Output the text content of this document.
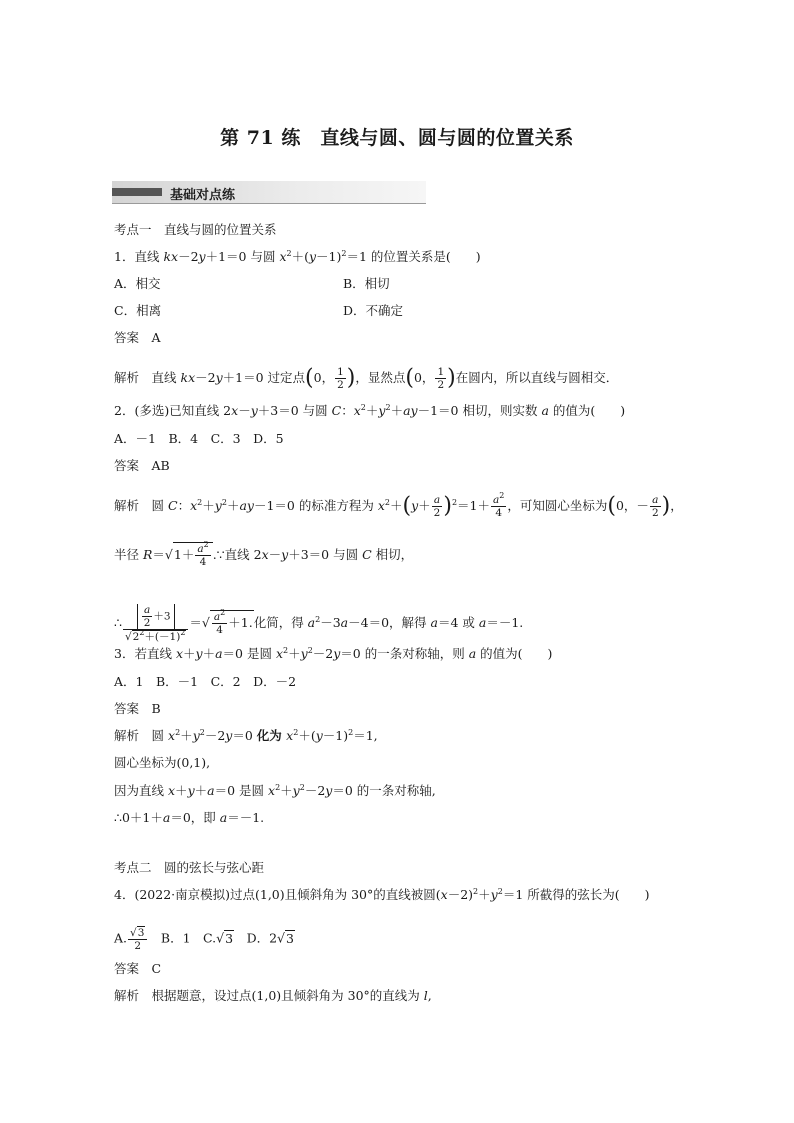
第 71 练　直线与圆、圆与圆的位置关系
基础对点练
考点一　直线与圆的位置关系
1．直线 kx－2y＋1＝0 与圆 $x^2+(y-1)^2=1$ 的位置关系是(　　)
A．相交	B．相切
C．相离	D．不确定
答案　 A
解析　 直线 kx－2y＋1＝0 过定点(0， $\frac{1}{2}$ )，显然点(0， $\frac{1}{2}$ )在圆内，所以直线与圆相交．
2．(多选)已知直线 2x－y＋3＝0 与圆 C：$x^2+y^2+ay-1=0$ 相切，则实数 a 的值为(　　)
A．－1　B．4　C．3　D．5
答案　 AB
解析　 圆 C：$x^2+y^2+ay-1=0$ 的标准方程为 $x^2+(y+ \frac{a}{2} )^2=1+ \frac{a^2}{4}$ ，可知圆心坐标为(0，－ $\frac{a}{2}$ )，
半径 $R=√1+ \frac{a^2}{4}$ .∵直线 2x－y＋3＝0 与圆 C 相切，
∴ $\frac{\frac{a}{2} +3}{√2^2+(-1)^2}$ ＝√ $\frac{a^2}{4} +1$.化简，得 $a^2-3a-4=0$，解得 a＝4 或 a＝－1.
3．若直线 x＋y＋a＝0 是圆 $x^2+y^2-2y=0$ 的一条对称轴，则 a 的值为(　　)
A．1　B．－1　C．2　D．－2
答案　 B
解析　 圆 $x^2+y^2-2y=0$ 化为 $x^2+(y-1)^2=1$,
圆心坐标为(0,1),
因为直线 x＋y＋a＝0 是圆 $x^2+y^2-2y=0$ 的一条对称轴,
∴0＋1＋a＝0，即 a＝－1.
考点二　圆的弦长与弦心距
4．(2022·南京模拟)过点(1,0)且倾斜角为 30°的直线被圆$(x-2)^2+y^2=1$ 所截得的弦长为(　　)
A. $\frac{√3}{2}$ 　B．1　C.√3　D．2√3
答案　 C
解析　 根据题意，设过点(1,0)且倾斜角为 30°的直线为 l,
